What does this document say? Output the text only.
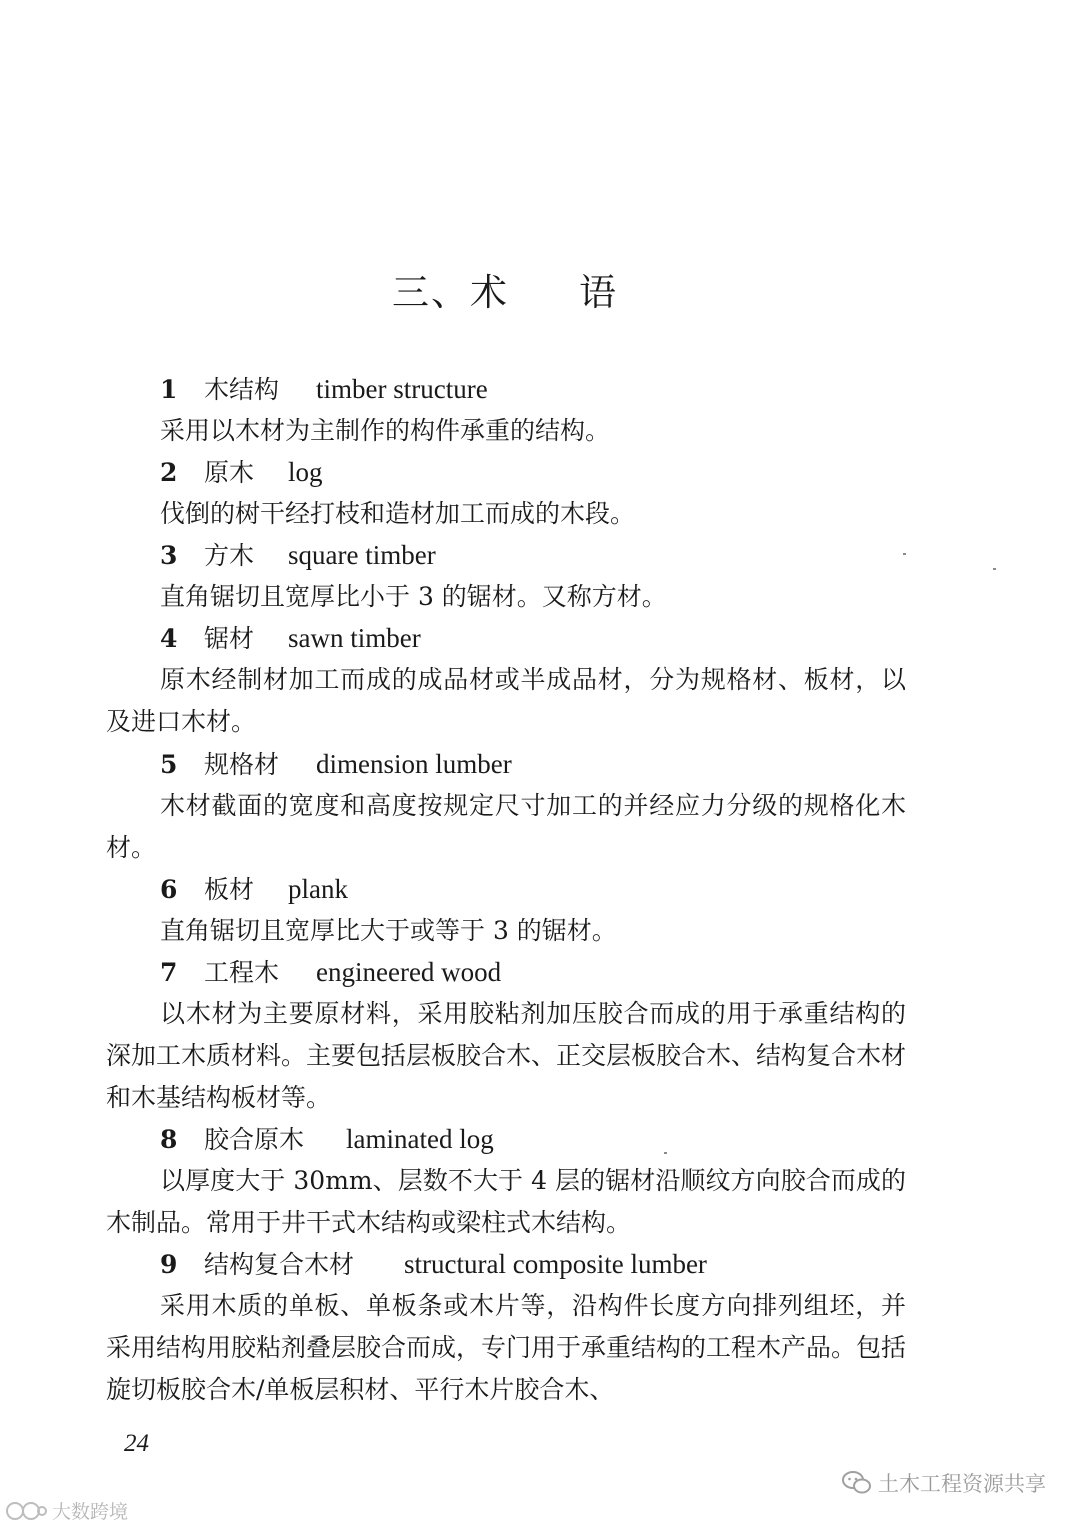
三、术 语
1 木结构 timber structure

采用以木材为主制作的构件承重的结构。

2 原木 log

伐倒的树干经打枝和造材加工而成的木段。

3 方木 square timber

直角锯切且宽厚比小于 3 的锯材。又称方材。

4 锯材 sawn timber

原木经制材加工而成的成品材或半成品材，分为规格材、板材，以及进口木材。

5 规格材 dimension lumber

木材截面的宽度和高度按规定尺寸加工的并经应力分级的规格化木材。

6 板材 plank

直角锯切且宽厚比大于或等于 3 的锯材。

7 工程木 engineered wood

以木材为主要原材料，采用胶粘剂加压胶合而成的用于承重结构的深加工木质材料。主要包括层板胶合木、正交层板胶合木、结构复合木材和木基结构板材等。

8 胶合原木 laminated log

以厚度大于 30mm、层数不大于 4 层的锯材沿顺纹方向胶合而成的木制品。常用于井干式木结构或梁柱式木结构。

9 结构复合木材 structural composite lumber

采用木质的单板、单板条或木片等，沿构件长度方向排列组坯，并采用结构用胶粘剂叠层胶合而成，专门用于承重结构的工程木产品。包括旋切板胶合木/单板层积材、平行木片胶合木、

24
土木工程资源共享
大数跨境
